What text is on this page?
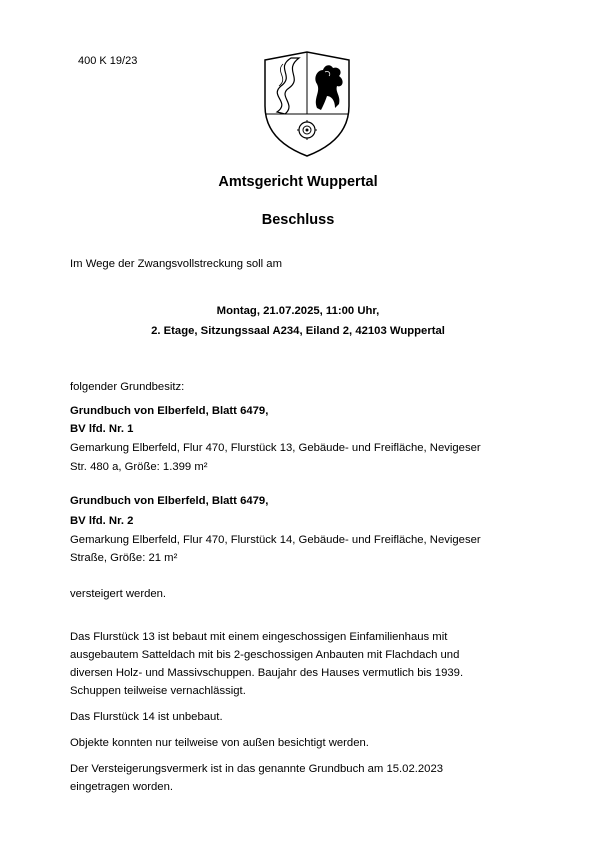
400 K 19/23
Amtsgericht Wuppertal
Beschluss
Im Wege der Zwangsvollstreckung soll am
Montag, 21.07.2025, 11:00 Uhr,
2. Etage, Sitzungssaal A234, Eiland 2, 42103 Wuppertal
folgender Grundbesitz:
Grundbuch von Elberfeld, Blatt 6479,
BV lfd. Nr. 1
Gemarkung Elberfeld, Flur 470, Flurstück 13, Gebäude- und Freifläche, Nevigeser
Str. 480 a, Größe: 1.399 m²
Grundbuch von Elberfeld, Blatt 6479,
BV lfd. Nr. 2
Gemarkung Elberfeld, Flur 470, Flurstück 14, Gebäude- und Freifläche, Nevigeser
Straße, Größe: 21 m²
versteigert werden.
Das Flurstück 13 ist bebaut mit einem eingeschossigen Einfamilienhaus mit
ausgebautem Satteldach mit bis 2-geschossigen Anbauten mit Flachdach und
diversen Holz- und Massivschuppen. Baujahr des Hauses vermutlich bis 1939.
Schuppen teilweise vernachlässigt.
Das Flurstück 14 ist unbebaut.
Objekte konnten nur teilweise von außen besichtigt werden.
Der Versteigerungsvermerk ist in das genannte Grundbuch am 15.02.2023
eingetragen worden.
